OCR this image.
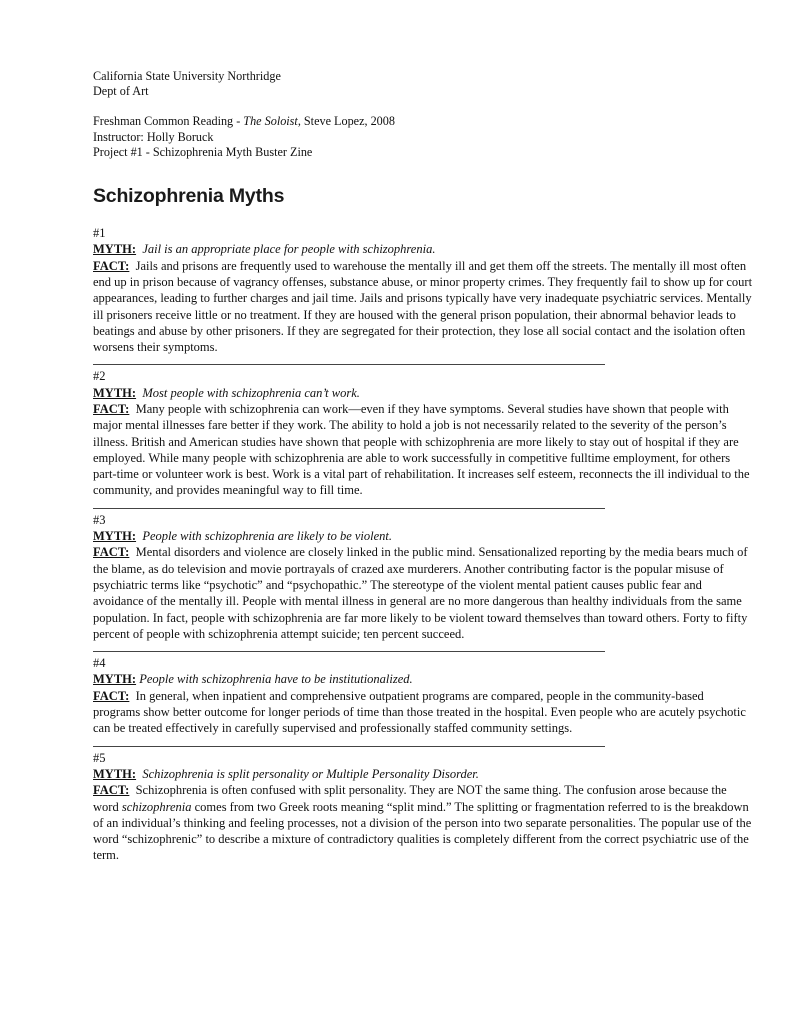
California State University Northridge
Dept of Art
Freshman Common Reading - The Soloist, Steve Lopez, 2008
Instructor: Holly Boruck
Project #1 - Schizophrenia Myth Buster Zine
Schizophrenia Myths
#1
MYTH: Jail is an appropriate place for people with schizophrenia.
FACT: Jails and prisons are frequently used to warehouse the mentally ill and get them off the streets. The mentally ill most often end up in prison because of vagrancy offenses, substance abuse, or minor property crimes. They frequently fail to show up for court appearances, leading to further charges and jail time. Jails and prisons typically have very inadequate psychiatric services. Mentally ill prisoners receive little or no treatment. If they are housed with the general prison population, their abnormal behavior leads to beatings and abuse by other prisoners. If they are segregated for their protection, they lose all social contact and the isolation often worsens their symptoms.
#2
MYTH: Most people with schizophrenia can’t work.
FACT: Many people with schizophrenia can work—even if they have symptoms. Several studies have shown that people with major mental illnesses fare better if they work. The ability to hold a job is not necessarily related to the severity of the person’s illness. British and American studies have shown that people with schizophrenia are more likely to stay out of hospital if they are employed. While many people with schizophrenia are able to work successfully in competitive fulltime employment, for others part-time or volunteer work is best. Work is a vital part of rehabilitation. It increases self esteem, reconnects the ill individual to the community, and provides meaningful way to fill time.
#3
MYTH: People with schizophrenia are likely to be violent.
FACT: Mental disorders and violence are closely linked in the public mind. Sensationalized reporting by the media bears much of the blame, as do television and movie portrayals of crazed axe murderers. Another contributing factor is the popular misuse of psychiatric terms like “psychotic” and “psychopathic.” The stereotype of the violent mental patient causes public fear and avoidance of the mentally ill. People with mental illness in general are no more dangerous than healthy individuals from the same population. In fact, people with schizophrenia are far more likely to be violent toward themselves than toward others. Forty to fifty percent of people with schizophrenia attempt suicide; ten percent succeed.
#4
MYTH: People with schizophrenia have to be institutionalized.
FACT: In general, when inpatient and comprehensive outpatient programs are compared, people in the community-based programs show better outcome for longer periods of time than those treated in the hospital. Even people who are acutely psychotic can be treated effectively in carefully supervised and professionally staffed community settings.
#5
MYTH: Schizophrenia is split personality or Multiple Personality Disorder.
FACT: Schizophrenia is often confused with split personality. They are NOT the same thing. The confusion arose because the word schizophrenia comes from two Greek roots meaning “split mind.” The splitting or fragmentation referred to is the breakdown of an individual’s thinking and feeling processes, not a division of the person into two separate personalities. The popular use of the word “schizophrenic” to describe a mixture of contradictory qualities is completely different from the correct psychiatric use of the term.
